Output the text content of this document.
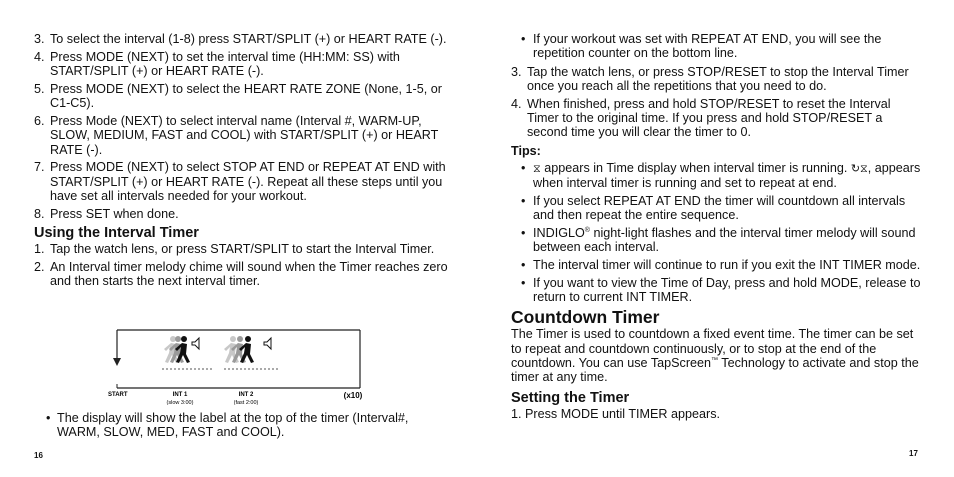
3. To select the interval (1-8) press START/SPLIT (+) or HEART RATE (-).
4. Press MODE (NEXT) to set the interval time (HH:MM: SS) with START/SPLIT (+) or HEART RATE (-).
5. Press MODE (NEXT) to select the HEART RATE ZONE (None, 1-5, or C1-C5).
6. Press Mode (NEXT) to select interval name (Interval #, WARM-UP, SLOW, MEDIUM, FAST and COOL) with START/SPLIT (+) or HEART RATE (-).
7. Press MODE (NEXT) to select STOP AT END or REPEAT AT END with START/SPLIT (+) or HEART RATE (-). Repeat all these steps until you have set all intervals needed for your workout.
8. Press SET when done.
Using the Interval Timer
1. Tap the watch lens, or press START/SPLIT to start the Interval Timer.
2. An Interval timer melody chime will sound when the Timer reaches zero and then starts the next interval timer.
START	INT 1
(slow 3:00)
INT 2
(fast 2:00)
(x10)
• The display will show the label at the top of the timer (Interval#, WARM, SLOW, MED, FAST and COOL).
16
• If your workout was set with REPEAT AT END, you will see the repetition counter on the bottom line.
3. Tap the watch lens, or press STOP/RESET to stop the Interval Timer once you reach all the repetitions that you need to do.
4. When finished, press and hold STOP/RESET to reset the Interval Timer to the original time. If you press and hold STOP/RESET a second time you will clear the timer to 0.
Tips:
• ⧖ appears in Time display when interval timer is running. ↻⧖, appears when interval timer is running and set to repeat at end.
• If you select REPEAT AT END the timer will countdown all intervals and then repeat the entire sequence.
• INDIGLO® night-light flashes and the interval timer melody will sound between each interval.
• The interval timer will continue to run if you exit the INT TIMER mode.
• If you want to view the Time of Day, press and hold MODE, release to return to current INT TIMER.
Countdown Timer
The Timer is used to countdown a fixed event time. The timer can be set to repeat and countdown continuously, or to stop at the end of the countdown. You can use TapScreen™ Technology to activate and stop the timer at any time.
Setting the Timer
1. Press MODE until TIMER appears.
17
